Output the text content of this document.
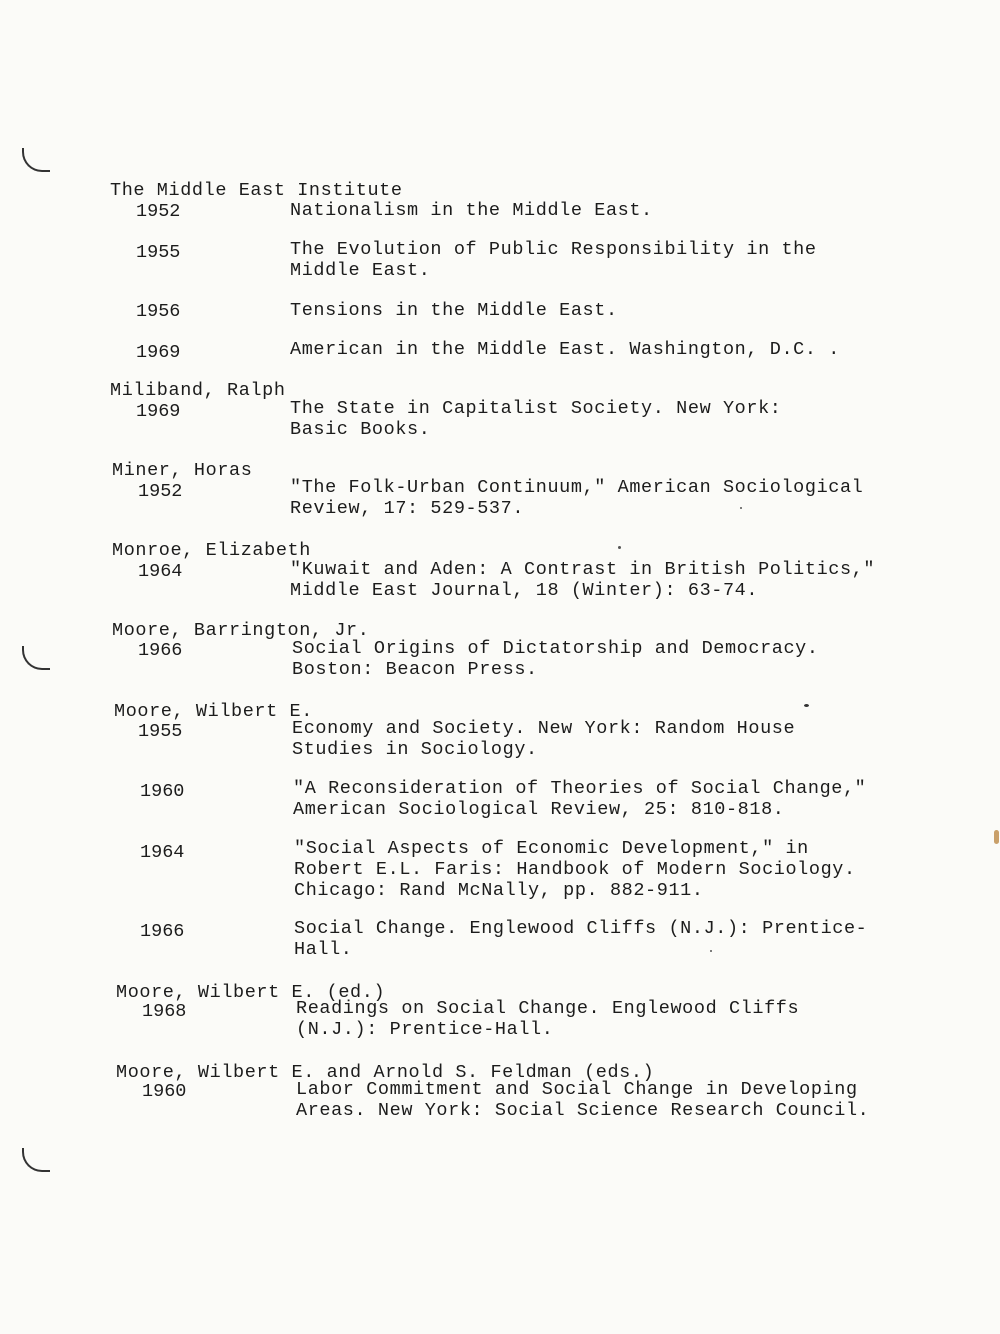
The Middle East Institute
1952	Nationalism in the Middle East.
1955	The Evolution of Public Responsibility in the
Middle East.
1956	Tensions in the Middle East.
1969	American in the Middle East. Washington, D.C. .
Miliband, Ralph
1969	The State in Capitalist Society. New York:
Basic Books.
Miner, Horas
1952	"The Folk-Urban Continuum," American Sociological
Review, 17: 529-537.
Monroe, Elizabeth
1964	"Kuwait and Aden: A Contrast in British Politics,"
Middle East Journal, 18 (Winter): 63-74.
Moore, Barrington, Jr.
1966	Social Origins of Dictatorship and Democracy.
Boston: Beacon Press.
Moore, Wilbert E.
1955	Economy and Society. New York: Random House
Studies in Sociology.
1960	"A Reconsideration of Theories of Social Change,"
American Sociological Review, 25: 810-818.
1964	"Social Aspects of Economic Development," in
Robert E.L. Faris: Handbook of Modern Sociology.
Chicago: Rand McNally, pp. 882-911.
1966	Social Change. Englewood Cliffs (N.J.): Prentice-
Hall.
Moore, Wilbert E. (ed.)
1968	Readings on Social Change. Englewood Cliffs
(N.J.): Prentice-Hall.
Moore, Wilbert E. and Arnold S. Feldman (eds.)
1960	Labor Commitment and Social Change in Developing
Areas. New York: Social Science Research Council.
